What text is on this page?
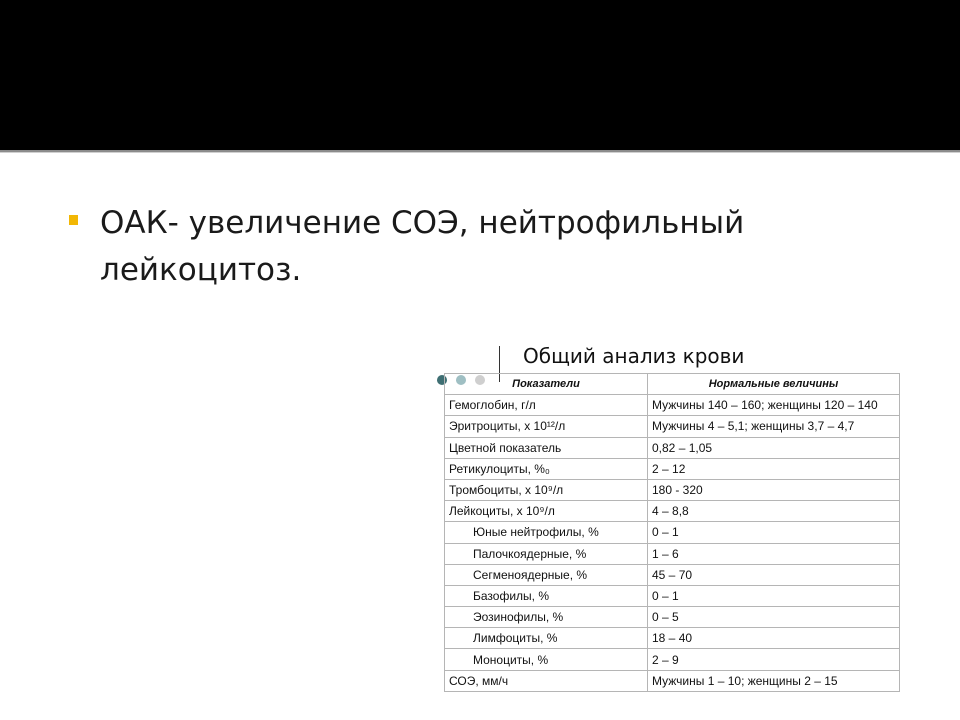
ОАК- увеличение СОЭ, нейтрофильный
лейкоцитоз.
Общий анализ крови
Показатели	Нормальные величины
Гемоглобин, г/л	Мужчины 140 – 160; женщины 120 – 140
Эритроциты, x 10¹²/л	Мужчины 4 – 5,1; женщины 3,7 – 4,7
Цветной показатель	0,82 – 1,05
Ретикулоциты, %₀	2 – 12
Тромбоциты, x 10⁹/л	180 - 320
Лейкоциты, x 10⁹/л	4 – 8,8
Юные нейтрофилы, %	0 – 1
Палочкоядерные, %	1 – 6
Сегменоядерные, %	45 – 70
Базофилы, %	0 – 1
Эозинофилы, %	0 – 5
Лимфоциты, %	18 – 40
Моноциты, %	2 – 9
СОЭ, мм/ч	Мужчины 1 – 10; женщины 2 – 15
